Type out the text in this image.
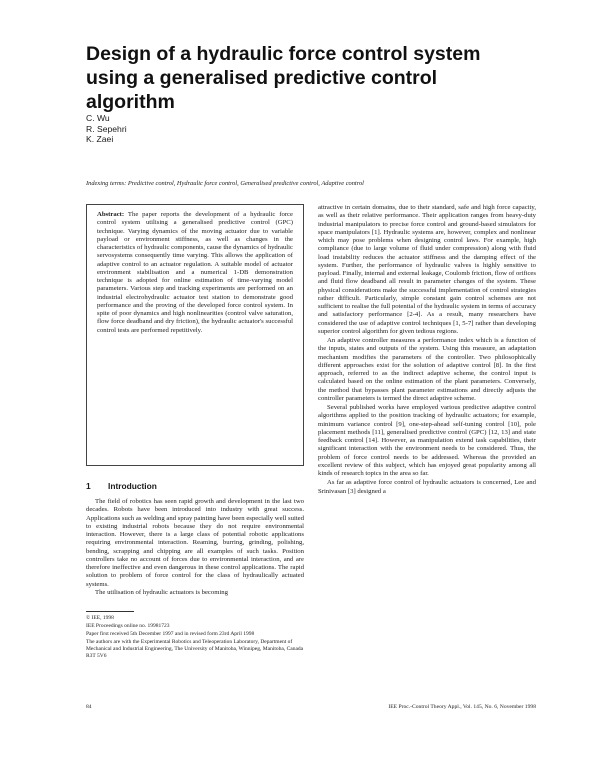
Design of a hydraulic force control system using a generalised predictive control algorithm
C. Wu
R. Sepehri
K. Zaei

Indexing terms: Predictive control, Hydraulic force control, Generalised predictive control, Adaptive control

Abstract: The paper reports the development of a hydraulic force control system utilising a generalised predictive control (GPC) technique. Varying dynamics of the moving actuator due to variable payload or environment stiffness, as well as changes in the characteristics of hydraulic components, cause the dynamics of hydraulic servosystems consequently time varying. This allows the application of adaptive control to an actuator regulation. A suitable model of actuator environment stabilisation and a numerical 1-DB demonstration technique is adopted for online estimation of time-varying model parameters. Various step and tracking experiments are performed on an industrial electrohydraulic actuator test station to demonstrate good performance and the proving of the developed force control system. In spite of poor dynamics and high nonlinearities (control valve saturation, flow force deadband and dry friction), the hydraulic actuator's successful control tests are performed repetitively.
1 Introduction

The field of robotics has seen rapid growth and development in the last two decades. Robots have been introduced into industry with great success. Applications such as welding and spray painting have been especially well suited to existing industrial robots because they do not require environmental interaction. However, there is a large class of potential robotic applications requiring environmental interaction. Reaming, burring, grinding, polishing, bending, scrapping and chipping are all examples of such tasks. Position controllers take no account of forces due to environmental interaction, and are therefore ineffective and even dangerous in these control applications. The rapid solution to problem of force control for the class of hydraulically actuated systems.

The utilisation of hydraulic actuators is becoming

© IEE, 1998

IEE Proceedings online no. 19981723

Paper first received 5th December 1997 and in revised form 23rd April 1998

The authors are with the Experimental Robotics and Teleoperation Laboratory, Department of Mechanical and Industrial Engineering, The University of Manitoba, Winnipeg, Manitoba, Canada R3T 5V6

attractive in certain domains, due to their standard, safe and high force capacity, as well as their relative performance. Their application ranges from heavy-duty industrial manipulators to precise force control and ground-based simulators for space manipulators [1]. Hydraulic systems are, however, complex and nonlinear which may pose problems when designing control laws. For example, high compliance (due to large volume of fluid under compression) along with fluid load instability reduces the actuator stiffness and the damping effect of the system. Further, the performance of hydraulic valves is highly sensitive to payload. Finally, internal and external leakage, Coulomb friction, flow of orifices and fluid flow deadband all result in parameter changes of the system. These physical considerations make the successful implementation of control strategies rather difficult. Particularly, simple constant gain control schemes are not sufficient to realise the full potential of the hydraulic system in terms of accuracy and satisfactory performance [2-4]. As a result, many researchers have considered the use of adaptive control techniques [1, 5-7] rather than developing superior control algorithm for given tedious regions.

An adaptive controller measures a performance index which is a function of the inputs, states and outputs of the system. Using this measure, an adaptation mechanism modifies the parameters of the controller. Two philosophically different approaches exist for the solution of adaptive control [8]. In the first approach, referred to as the indirect adaptive scheme, the control input is calculated based on the online estimation of the plant parameters. Conversely, the method that bypasses plant parameter estimations and directly adjusts the controller parameters is termed the direct adaptive scheme.

Several published works have employed various predictive adaptive control algorithms applied to the position tracking of hydraulic actuators; for example, minimum variance control [9], one-step-ahead self-tuning control [10], pole placement methods [11], generalised predictive control (GPC) [12, 13] and state feedback control [14]. However, as manipulation extend task capabilities, their significant interaction with the environment needs to be considered. Thus, the problem of force control needs to be addressed. Whereas the provided an excellent review of this subject, which has enjoyed great popularity among all kinds of research topics in the area so far.

As far as adaptive force control of hydraulic actuators is concerned, Lee and Srinivasan [3] designed a

84	IEE Proc.-Control Theory Appl., Vol. 145, No. 6, November 1998
